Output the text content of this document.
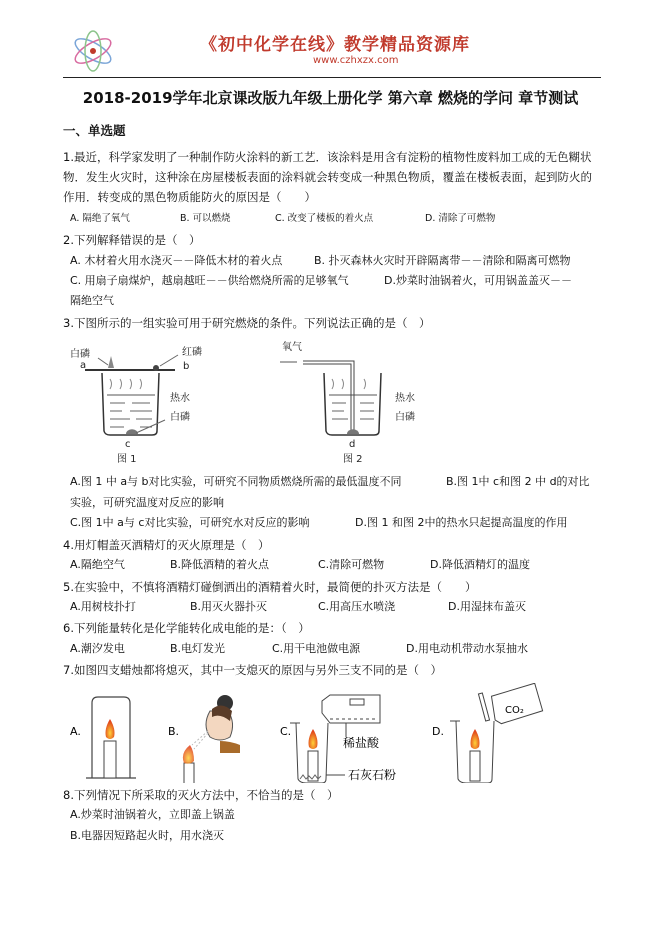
《初中化学在线》教学精品资源库
www.czhxzx.com
2018-2019学年北京课改版九年级上册化学 第六章 燃烧的学问 章节测试
一、单选题
1.最近，科学家发明了一种制作防火涂料的新工艺．该涂料是用含有淀粉的植物性废料加工成的无色糊状
物．发生火灾时，这种涂在房屋楼板表面的涂料就会转变成一种黑色物质，覆盖在楼板表面，起到防火的
作用．转变成的黑色物质能防火的原因是（　　）
A. 隔绝了氧气	B. 可以燃烧	C. 改变了楼板的着火点	D. 清除了可燃物
2.下列解释错误的是（　）
A. 木材着火用水浇灭－－降低木材的着火点	B. 扑灭森林火灾时开辟隔离带－－清除和隔离可燃物
C. 用扇子扇煤炉，越扇越旺－－供给燃烧所需的足够氧气	D.炒菜时油锅着火，可用锅盖盖灭－－
隔绝空气
3.下图所示的一组实验可用于研究燃烧的条件。下列说法正确的是（　）
白磷
a
红磷
b
热水
白磷
c
图 1
氧气
热水
白磷
d
图 2
A.图 1 中 a与 b对比实验，可研究不同物质燃烧所需的最低温度不同	B.图 1中 c和图 2 中 d的对比
实验，可研究温度对反应的影响
C.图 1中 a与 c对比实验，可研究水对反应的影响	D.图 1 和图 2中的热水只起提高温度的作用
4.用灯帽盖灭酒精灯的灭火原理是（　）
A.隔绝空气	B.降低酒精的着火点	C.清除可燃物	D.降低酒精灯的温度
5.在实验中，不慎将酒精灯碰倒洒出的酒精着火时，最简便的扑灭方法是（　　）
A.用树枝扑打	B.用灭火器扑灭	C.用高压水喷浇	D.用湿抹布盖灭
6.下列能量转化是化学能转化成电能的是：（　）
A.潮汐发电	B.电灯发光	C.用干电池做电源	D.用电动机带动水泵抽水
7.如图四支蜡烛都将熄灭，其中一支熄灭的原因与另外三支不同的是（　）
A.	B.	C.
稀盐酸
石灰石粉
D.
CO₂
8.下列情况下所采取的灭火方法中，不恰当的是（　）
A.炒菜时油锅着火，立即盖上锅盖
B.电器因短路起火时，用水浇灭
